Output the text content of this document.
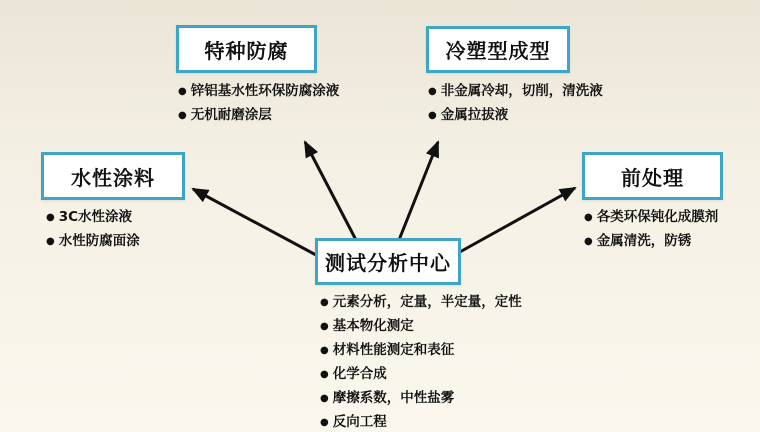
特种防腐
● 锌铝基水性环保防腐涂液
● 无机耐磨涂层
冷塑型成型
● 非金属冷却，切削，清洗液
● 金属拉拔液
水性涂料
● 3C水性涂液
● 水性防腐面涂
前处理
● 各类环保钝化成膜剂
● 金属清洗，防锈
测试分析中心
● 元素分析，定量，半定量，定性
● 基本物化测定
● 材料性能测定和表征
● 化学合成
● 摩擦系数，中性盐雾
● 反向工程
